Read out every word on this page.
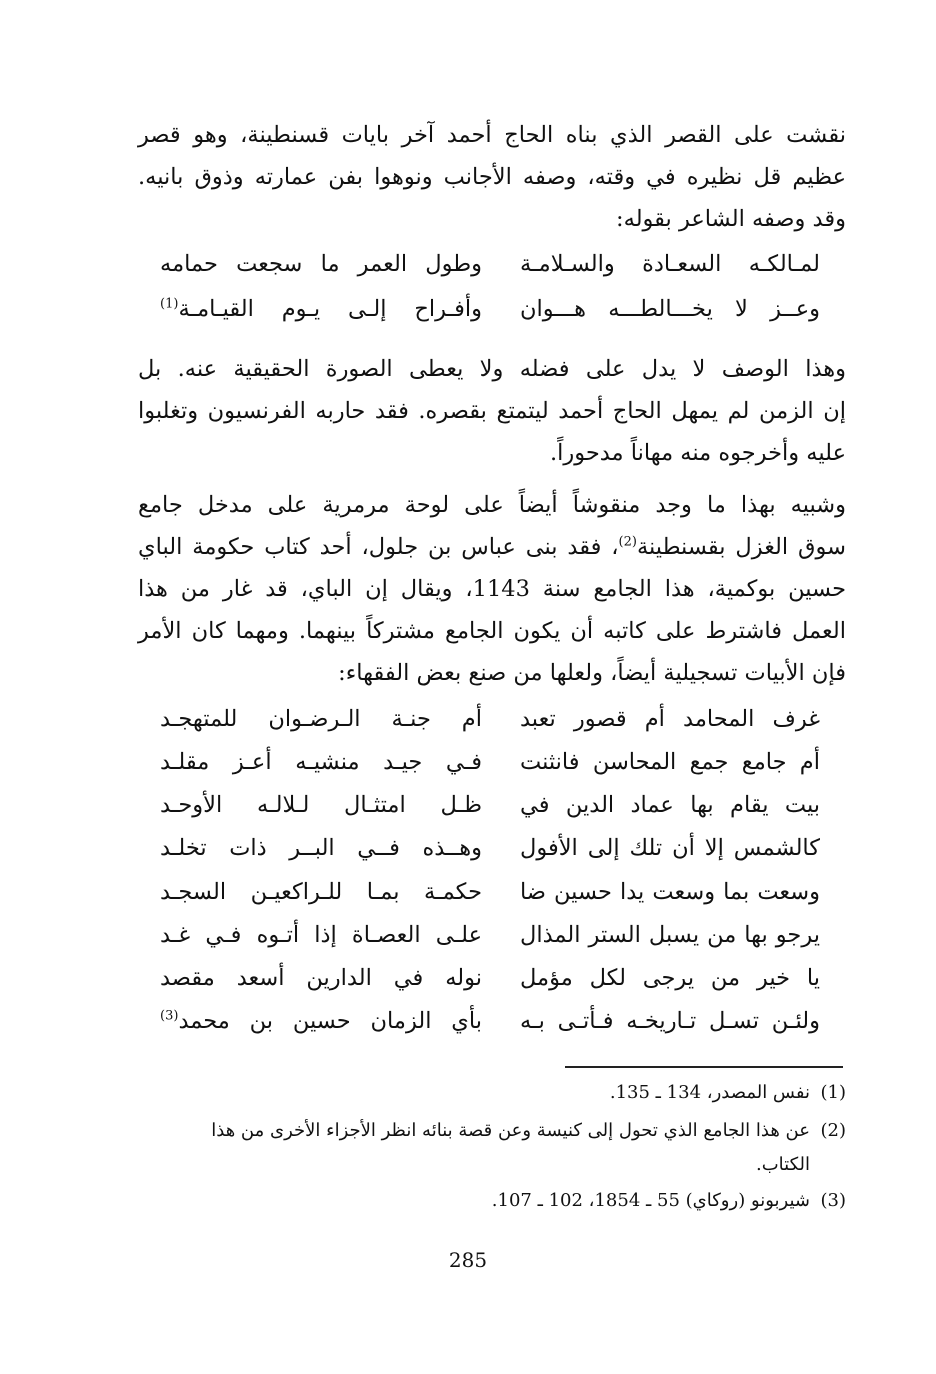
نقشت على القصر الذي بناه الحاج أحمد آخر بايات قسنطينة، وهو قصر
عظيم قل نظيره في وقته، وصفه الأجانب ونوهوا بفن عمارته وذوق بانيه.
وقد وصفه الشاعر بقوله:
لمـالكـه السعـادة والسـلامـة
وطول العمر ما سجعت حمامه
وعــز لا يخـــالطـــه هـــوان
وأفـراح إلـى يـوم القيـامـة$^{(1)}$
وهذا الوصف لا يدل على فضله ولا يعطى الصورة الحقيقية عنه. بل
إن الزمن لم يمهل الحاج أحمد ليتمتع بقصره. فقد حاربه الفرنسيون وتغلبوا
عليه وأخرجوه منه مهاناً مدحوراً.
وشبيه بهذا ما وجد منقوشاً أيضاً على لوحة مرمرية على مدخل جامع
سوق الغزل بقسنطينة$^{(2)}$، فقد بنى عباس بن جلول، أحد كتاب حكومة الباي
حسين بوكمية، هذا الجامع سنة 1143، ويقال إن الباي، قد غار من هذا
العمل فاشترط على كاتبه أن يكون الجامع مشتركاً بينهما. ومهما كان الأمر
فإن الأبيات تسجيلية أيضاً، ولعلها من صنع بعض الفقهاء:
غرف المحامد أم قصور تعبد
أم جنـة الـرضـوان للمتهجـد
أم جامع جمع المحاسن فانثنت
فـي جيـد منشيـه أعـز مقلـد
بيت يقام بها عماد الدين في
ظـل امتثـال لـلالـه الأوحـد
كالشمس إلا أن تلك إلى الأفول
وهــذه فــي البــر ذات تخلـد
وسعت بما وسعت يدا حسين ضا
حكمـة بمـا للـراكعيـن السجـد
يرجو بها من يسبل الستر المذال
علـى العصـاة إذا أتـوه فـي غـد
يا خير من يرجى لكل مؤمل
نوله في الدارين أسعد مقصد
ولئـن تسـل تـاريخـه فـأتـى بـه
بأي الزمان حسين بن محمد$^{(3)}$
(1)نفس المصدر، 134 ـ 135.
(2)عن هذا الجامع الذي تحول إلى كنيسة وعن قصة بنائه انظر الأجزاء الأخرى من هذا
الكتاب.
(3)شيربونو (روكاي) 55 ـ 1854، 102 ـ 107.
285
